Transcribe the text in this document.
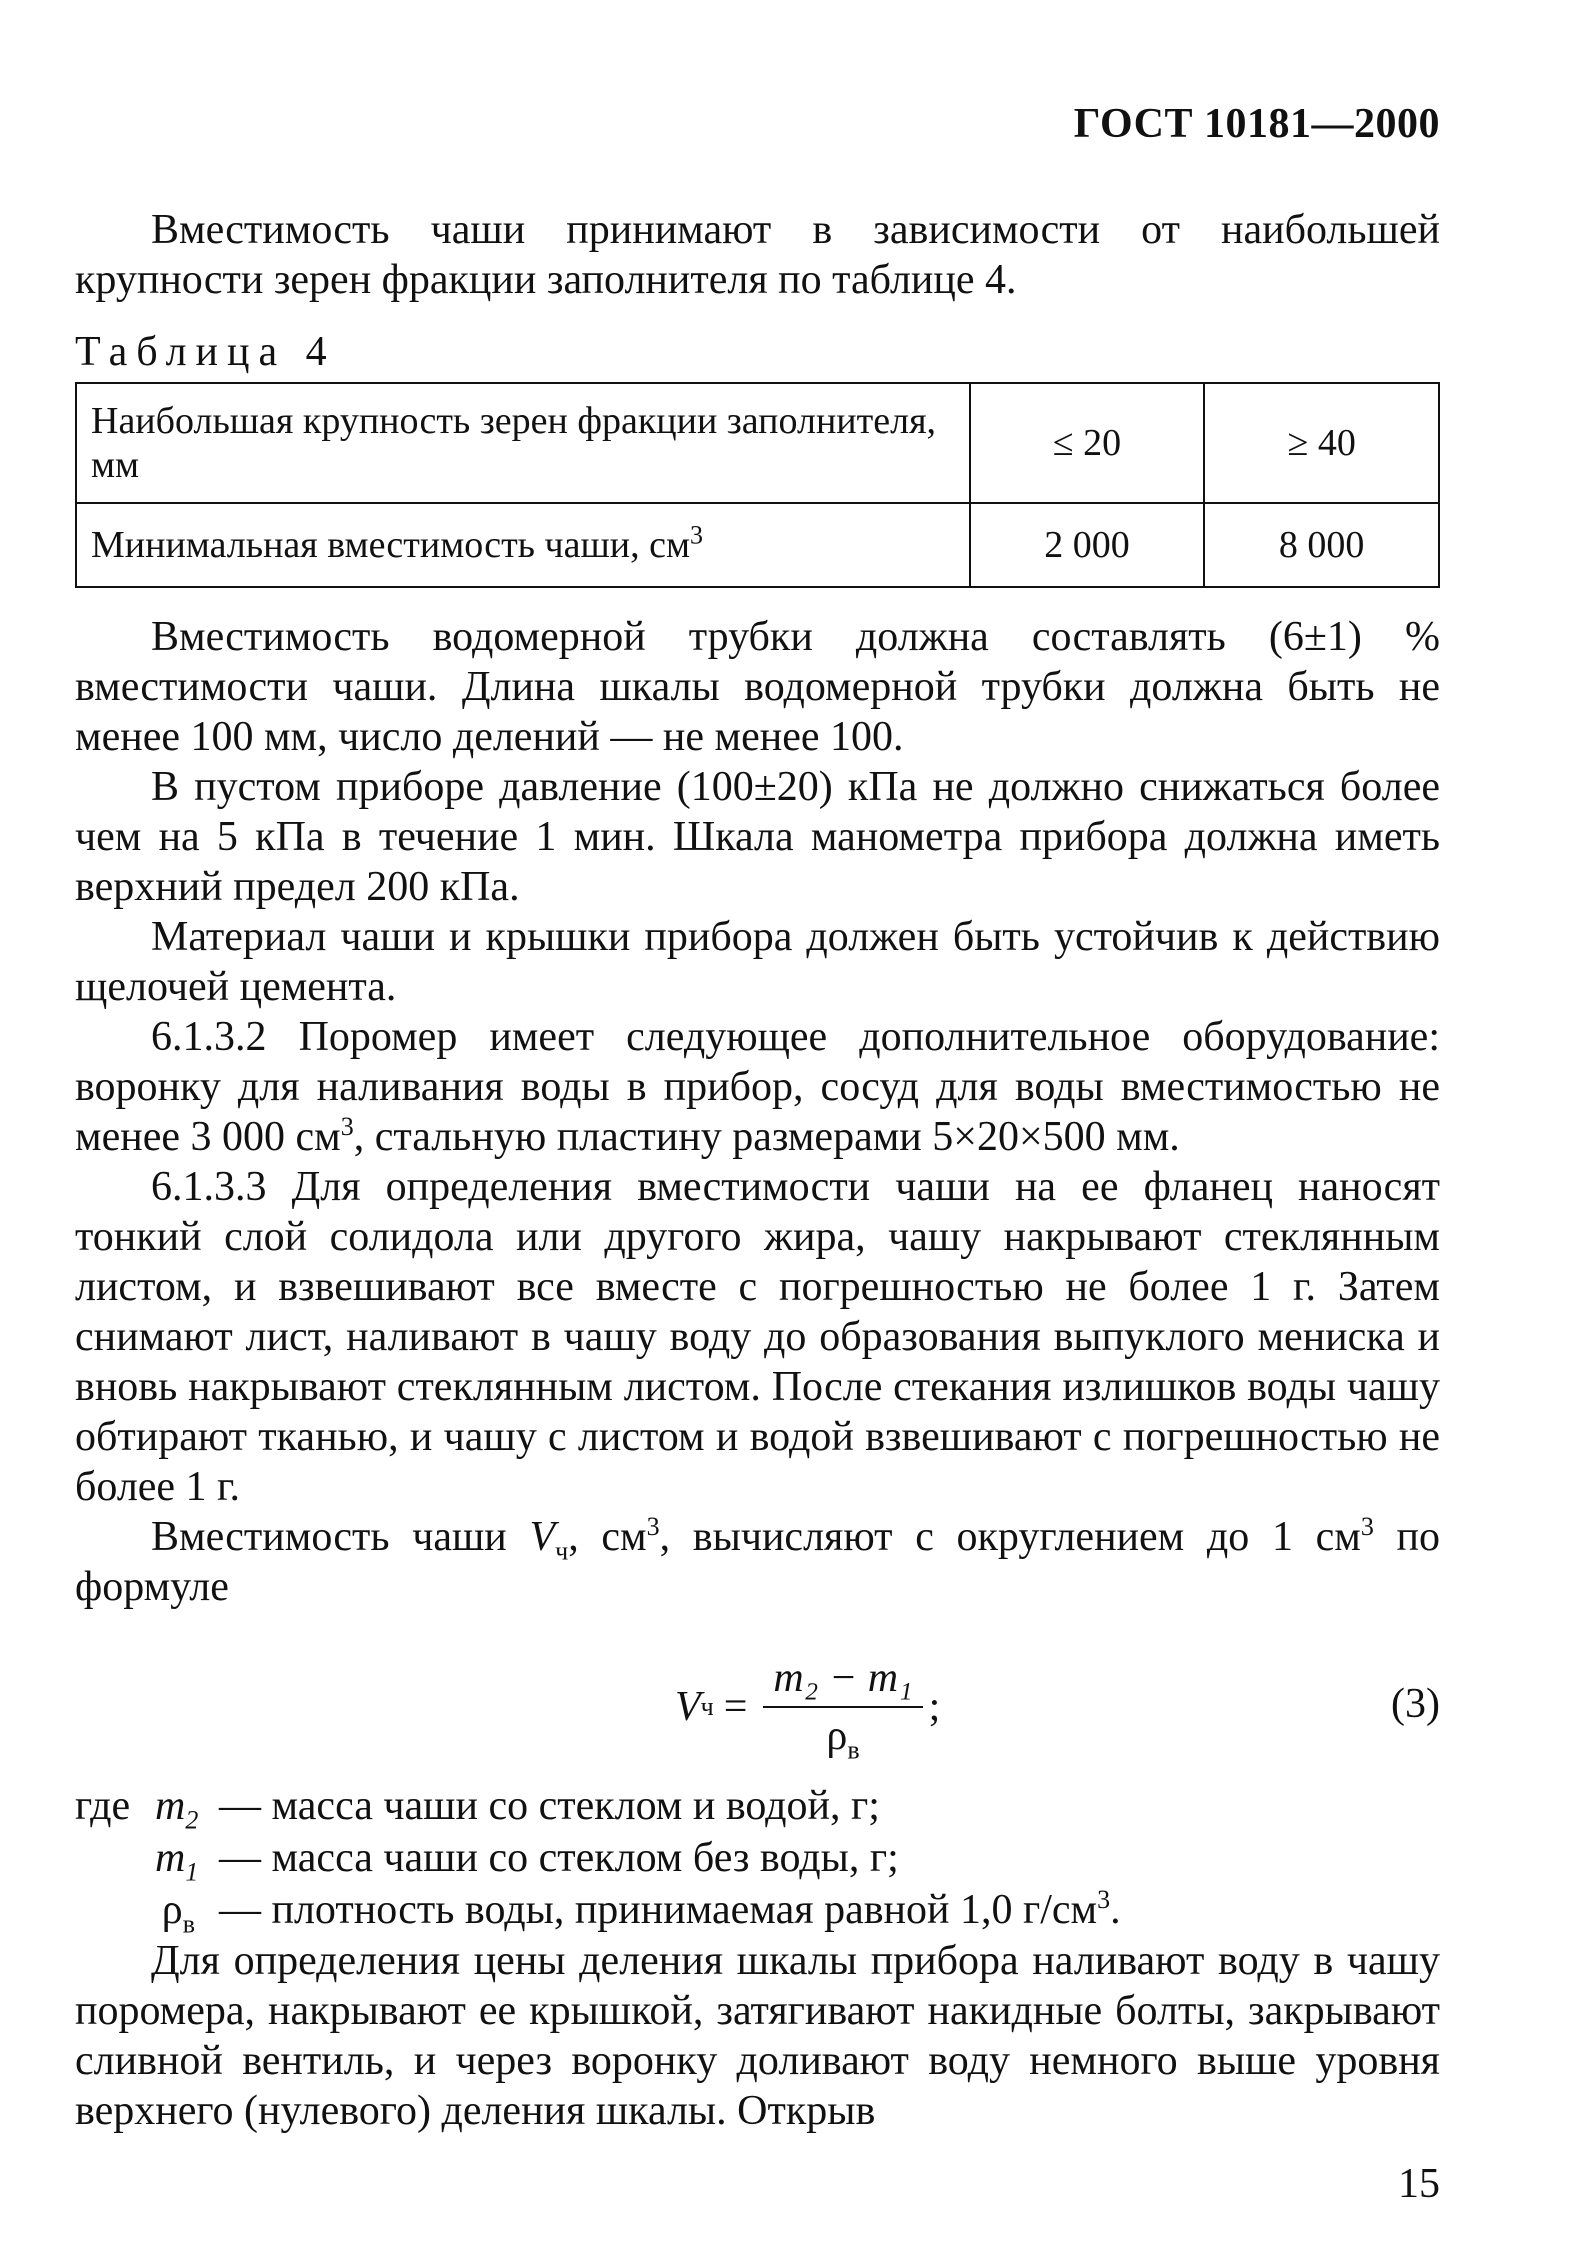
ГОСТ 10181—2000

Вместимость чаши принимают в зависимости от наибольшей крупности зерен фракции заполнителя по таблице 4.

Таблица 4
Наибольшая крупность зерен фракции заполнителя, мм	≤ 20	≥ 40
Минимальная вместимость чаши, $см^3$	2 000	8 000

Вместимость водомерной трубки должна составлять (6±1) % вместимости чаши. Длина шкалы водомерной трубки должна быть не менее 100 мм, число делений — не менее 100.

В пустом приборе давление (100±20) кПа не должно снижаться более чем на 5 кПа в течение 1 мин. Шкала манометра прибора должна иметь верхний предел 200 кПа.

Материал чаши и крышки прибора должен быть устойчив к действию щелочей цемента.

6.1.3.2 Поромер имеет следующее дополнительное оборудование: воронку для наливания воды в прибор, сосуд для воды вместимостью не менее 3 000 $см^3$, стальную пластину размерами 5×20×500 мм.

6.1.3.3 Для определения вместимости чаши на ее фланец наносят тонкий слой солидола или другого жира, чашу накрывают стеклянным листом, и взвешивают все вместе с погрешностью не более 1 г. Затем снимают лист, наливают в чашу воду до образования выпуклого мениска и вновь накрывают стеклянным листом. После стекания излишков воды чашу обтирают тканью, и чашу с листом и водой взвешивают с погрешностью не более 1 г.

Вместимость чаши $V_ч$, $см^3$, вычисляют с округлением до 1 $см^3$ по формуле

V $ч = \frac{\text{m₂ − m₁}}{\rho_в}$ ;	(3)
где $m_2$ — масса чаши со стеклом и водой, г;
$m_1$ — масса чаши со стеклом без воды, г;
$\rho_в$ — плотность воды, принимаемая равной 1,0 $г/см^3$.

Для определения цены деления шкалы прибора наливают воду в чашу поромера, накрывают ее крышкой, затягивают накидные болты, закрывают сливной вентиль, и через воронку доливают воду немного выше уровня верхнего (нулевого) деления шкалы. Открыв

15
